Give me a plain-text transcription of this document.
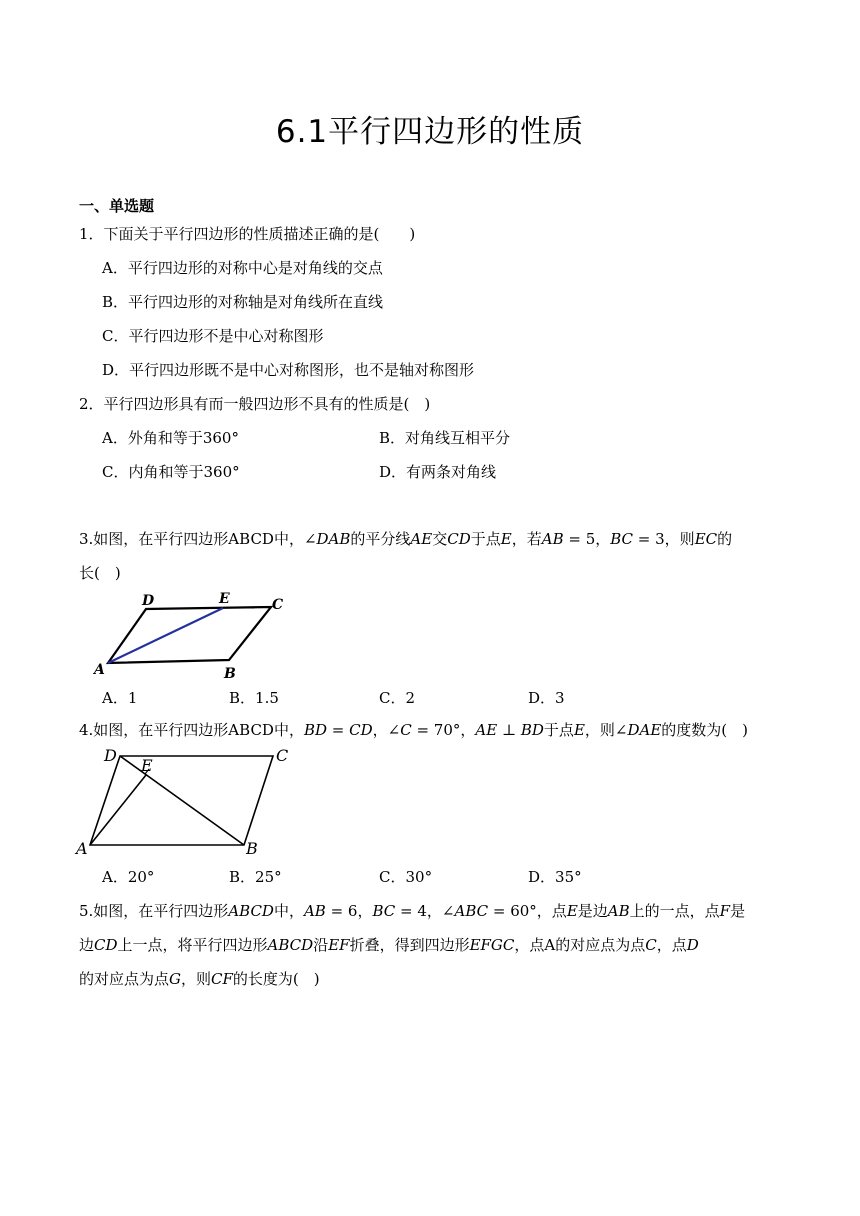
6.1平行四边形的性质
一、单选题
1．下面关于平行四边形的性质描述正确的是(　　)
A．平行四边形的对称中心是对角线的交点
B．平行四边形的对称轴是对角线所在直线
C．平行四边形不是中心对称图形
D．平行四边形既不是中心对称图形，也不是轴对称图形
2．平行四边形具有而一般四边形不具有的性质是(　)
A．外角和等于360°	B．对角线互相平分
C．内角和等于360°	D．有两条对角线
3.如图，在平行四边形ABCD中，∠DAB的平分线AE交CD于点E，若AB = 5，BC = 3，则EC的
长(　)
A	B
C
D	E
A．1	B．1.5	C．2	D．3
4.如图，在平行四边形ABCD中，BD = CD，∠C = 70°，AE ⊥ BD于点E，则∠DAE的度数为(　)
A	B
C
D
E
A．20°	B．25°	C．30°	D．35°
5.如图，在平行四边形ABCD中，AB = 6，BC = 4，∠ABC = 60°，点E是边AB上的一点，点F是
边CD上一点，将平行四边形ABCD沿EF折叠，得到四边形EFGC，点A的对应点为点C，点D
的对应点为点G，则CF的长度为(　)
